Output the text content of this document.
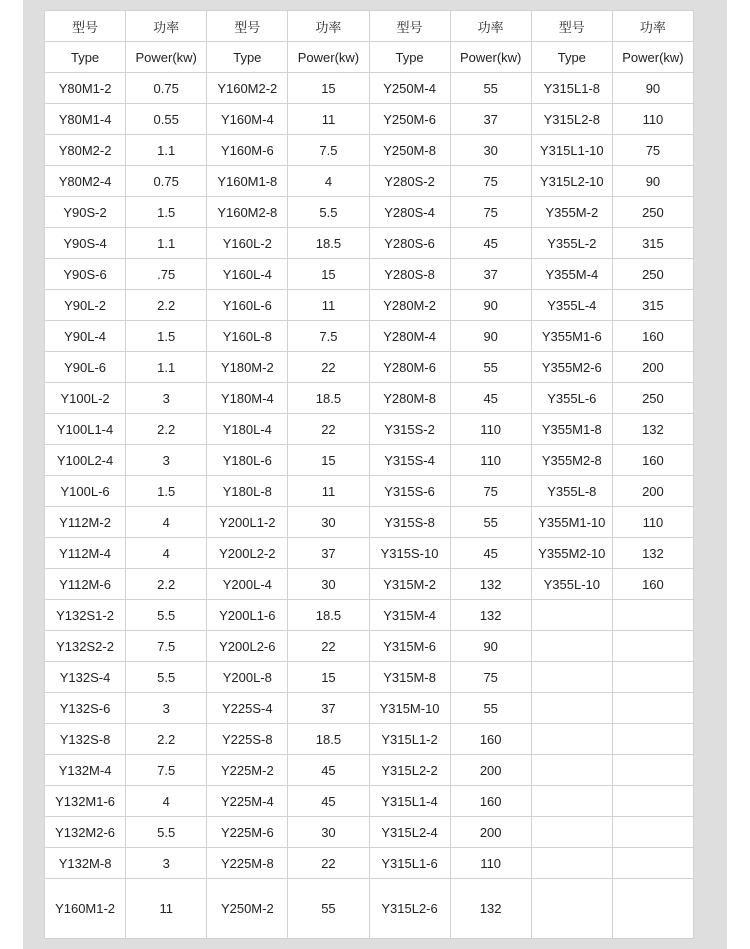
型号	功率	型号	功率	型号	功率	型号	功率
Type	Power(kw)	Type	Power(kw)	Type	Power(kw)	Type	Power(kw)
Y80M1-2	0.75	Y160M2-2	15	Y250M-4	55	Y315L1-8	90
Y80M1-4	0.55	Y160M-4	11	Y250M-6	37	Y315L2-8	110
Y80M2-2	1.1	Y160M-6	7.5	Y250M-8	30	Y315L1-10	75
Y80M2-4	0.75	Y160M1-8	4	Y280S-2	75	Y315L2-10	90
Y90S-2	1.5	Y160M2-8	5.5	Y280S-4	75	Y355M-2	250
Y90S-4	1.1	Y160L-2	18.5	Y280S-6	45	Y355L-2	315
Y90S-6	.75	Y160L-4	15	Y280S-8	37	Y355M-4	250
Y90L-2	2.2	Y160L-6	11	Y280M-2	90	Y355L-4	315
Y90L-4	1.5	Y160L-8	7.5	Y280M-4	90	Y355M1-6	160
Y90L-6	1.1	Y180M-2	22	Y280M-6	55	Y355M2-6	200
Y100L-2	3	Y180M-4	18.5	Y280M-8	45	Y355L-6	250
Y100L1-4	2.2	Y180L-4	22	Y315S-2	110	Y355M1-8	132
Y100L2-4	3	Y180L-6	15	Y315S-4	110	Y355M2-8	160
Y100L-6	1.5	Y180L-8	11	Y315S-6	75	Y355L-8	200
Y112M-2	4	Y200L1-2	30	Y315S-8	55	Y355M1-10	110
Y112M-4	4	Y200L2-2	37	Y315S-10	45	Y355M2-10	132
Y112M-6	2.2	Y200L-4	30	Y315M-2	132	Y355L-10	160
Y132S1-2	5.5	Y200L1-6	18.5	Y315M-4	132		
Y132S2-2	7.5	Y200L2-6	22	Y315M-6	90		
Y132S-4	5.5	Y200L-8	15	Y315M-8	75		
Y132S-6	3	Y225S-4	37	Y315M-10	55		
Y132S-8	2.2	Y225S-8	18.5	Y315L1-2	160		
Y132M-4	7.5	Y225M-2	45	Y315L2-2	200		
Y132M1-6	4	Y225M-4	45	Y315L1-4	160		
Y132M2-6	5.5	Y225M-6	30	Y315L2-4	200		
Y132M-8	3	Y225M-8	22	Y315L1-6	110		
Y160M1-2	11	Y250M-2	55	Y315L2-6	132		
